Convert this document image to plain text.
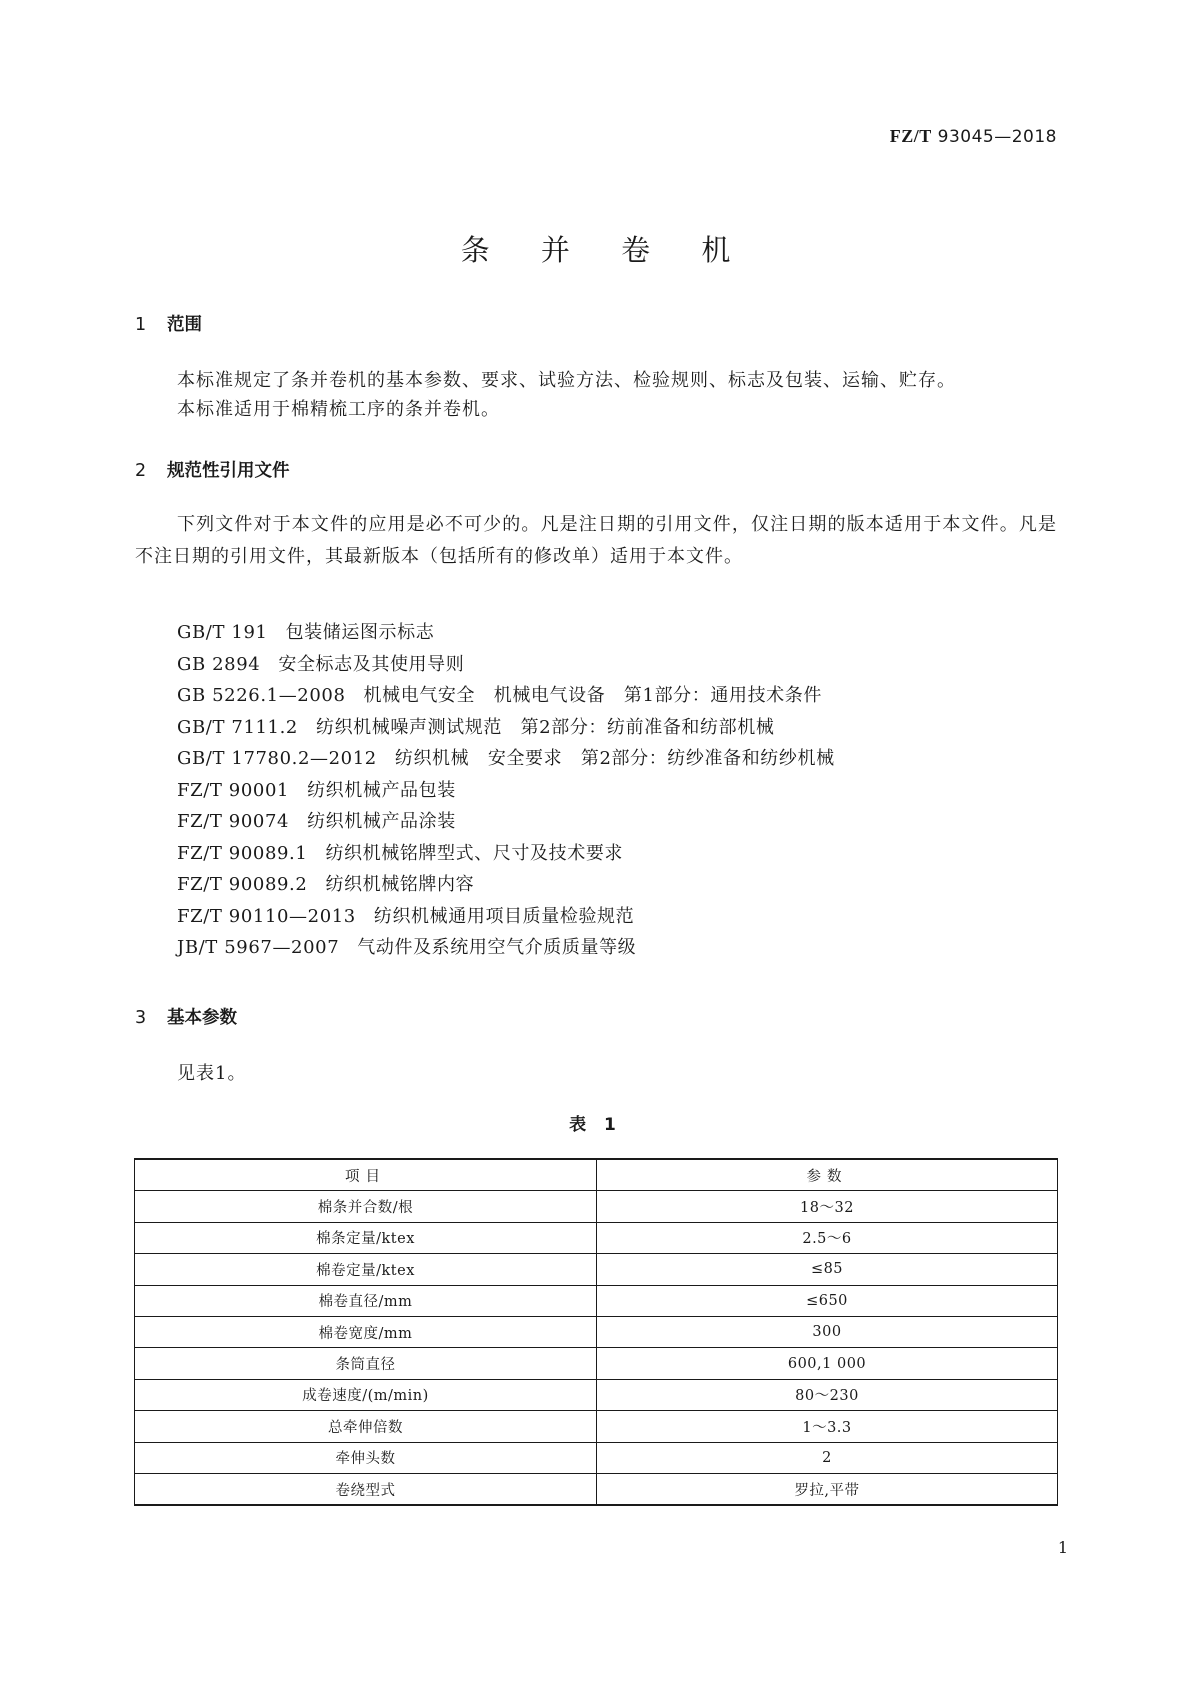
FZ/T 93045—2018
条 并 卷 机
1 范围
本标准规定了条并卷机的基本参数、要求、试验方法、检验规则、标志及包装、运输、贮存。
本标准适用于棉精梳工序的条并卷机。
2 规范性引用文件
下列文件对于本文件的应用是必不可少的。凡是注日期的引用文件，仅注日期的版本适用于本文件。凡是不注日期的引用文件，其最新版本（包括所有的修改单）适用于本文件。
GB/T 191 包装储运图示标志
GB 2894 安全标志及其使用导则
GB 5226.1—2008 机械电气安全　机械电气设备　第1部分：通用技术条件
GB/T 7111.2 纺织机械噪声测试规范　第2部分：纺前准备和纺部机械
GB/T 17780.2—2012 纺织机械　安全要求　第2部分：纺纱准备和纺纱机械
FZ/T 90001 纺织机械产品包装
FZ/T 90074 纺织机械产品涂装
FZ/T 90089.1 纺织机械铭牌型式、尺寸及技术要求
FZ/T 90089.2 纺织机械铭牌内容
FZ/T 90110—2013 纺织机械通用项目质量检验规范
JB/T 5967—2007 气动件及系统用空气介质质量等级
3 基本参数
见表1。
表 1
项目	参数
棉条并合数/根	18～32
棉条定量/ktex	2.5～6
棉卷定量/ktex	≤85
棉卷直径/mm	≤650
棉卷宽度/mm	300
条筒直径	600,1 000
成卷速度/(m/min)	80～230
总牵伸倍数	1～3.3
牵伸头数	2
卷绕型式	罗拉,平带
1
